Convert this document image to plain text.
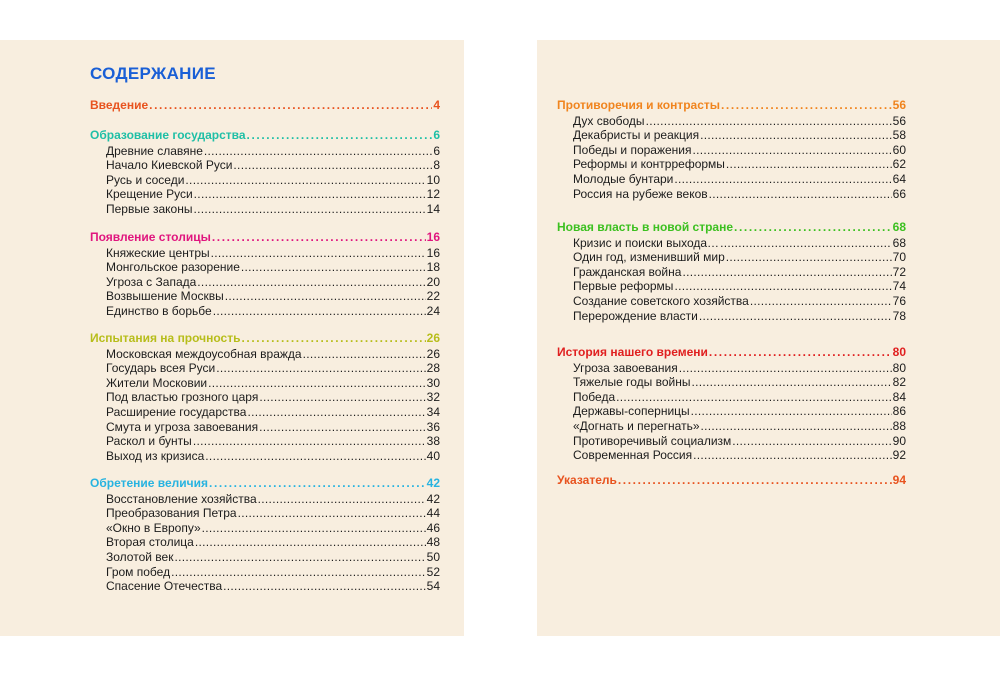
СОДЕРЖАНИЕ
Введение .....	4
Образование государства .....	6
Древние славяне .....	6
Начало Киевской Руси .....	8
Русь и соседи .....	10
Крещение Руси .....	12
Первые законы .....	14
Появление столицы .....	16
Княжеские центры .....	16
Монгольское разорение .....	18
Угроза с Запада .....	20
Возвышение Москвы .....	22
Единство в борьбе .....	24
Испытания на прочность .....	26
Московская междоусобная вражда .....	26
Государь всея Руси .....	28
Жители Московии .....	30
Под властью грозного царя .....	32
Расширение государства .....	34
Смута и угроза завоевания .....	36
Раскол и бунты .....	38
Выход из кризиса .....	40
Обретение величия .....	42
Восстановление хозяйства .....	42
Преобразования Петра .....	44
«Окно в Европу» .....	46
Вторая столица .....	48
Золотой век .....	50
Гром побед .....	52
Спасение Отечества .....	54
Противоречия и контрасты .....	56
Дух свободы .....	56
Декабристы и реакция .....	58
Победы и поражения .....	60
Реформы и контрреформы .....	62
Молодые бунтари .....	64
Россия на рубеже веков .....	66
Новая власть в новой стране .....	68
Кризис и поиски выхода… .....	68
Один год, изменивший мир .....	70
Гражданская война .....	72
Первые реформы .....	74
Создание советского хозяйства .....	76
Перерождение власти .....	78
История нашего времени .....	80
Угроза завоевания .....	80
Тяжелые годы войны .....	82
Победа .....	84
Державы-соперницы .....	86
«Догнать и перегнать» .....	88
Противоречивый социализм .....	90
Современная Россия .....	92
Указатель .....	94
